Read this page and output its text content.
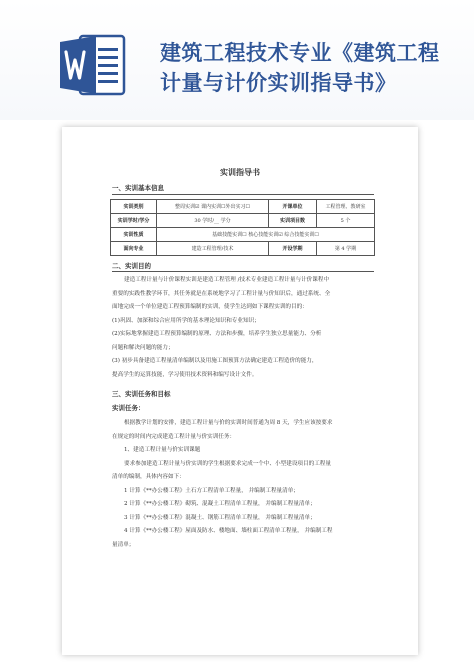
建筑工程技术专业《建筑工程
计量与计价实训指导书》
实训指导书
一、实训基本信息
实训类别	整周实训☑ 课内实训☐外出实习☐	开课单位	工程管理、教研室
实训学时/学分	30 学时/__ 学分	实训项目数	5 个
实训性质	基础技能实训☐ 核心技能实训☑ 综合技能实训☐		
面向专业	建造工程管理/技术	开设学期	第 4 学期
二、实训目的

建造工程计量与计价课程实训是建造工程管理 /技术专业建造工程计量与计价课程中

重要的实践性教学环节，其任务就是在系统地学习了工程计量与价知识后，通过系统、全

面地完成一个单位建造工程预算编制的实训，使学生达到如下课程实训的目的：

(1)巩固、加深和综合应用所学的基本理论知识和专业知识；

(2)实际地掌握建造工程预算编制的原理、方法和步骤，培养学生独立思量能力、分析

问题和解决问题的能力；

(3) 初步具备建造工程量清单编制以及用施工图预算方法确定建造工程造价的能力，

提高学生的运算技能，学习使用技术资料和编写设计文件。

三、实训任务和目标
实训任务：

根据教学计划的安排，建造工程计量与价的实训时间普通为周 8 天，学生应该按要求

在规定的时间内完成建造工程计量与价实训任务：

1、建造工程计量与价实训课题

要求参加建造工程计量与价实训的学生根据要求完成一个中、小型建设项目的工程量

清单的编制，具体内容如下：

1 计算《**办公楼工程》土石方工程清单工程量， 并编制工程量清单；

2 计算《**办公楼工程》砌筑、混凝土工程清单工程量， 并编制工程量清单；

3 计算《**办公楼工程》混凝土、钢筋工程清单工程量， 并编制工程量清单；

4 计算《**办公楼工程》屋面及防水、楼地面、墙柱面工程清单工程量， 并编制工程

量清单；
